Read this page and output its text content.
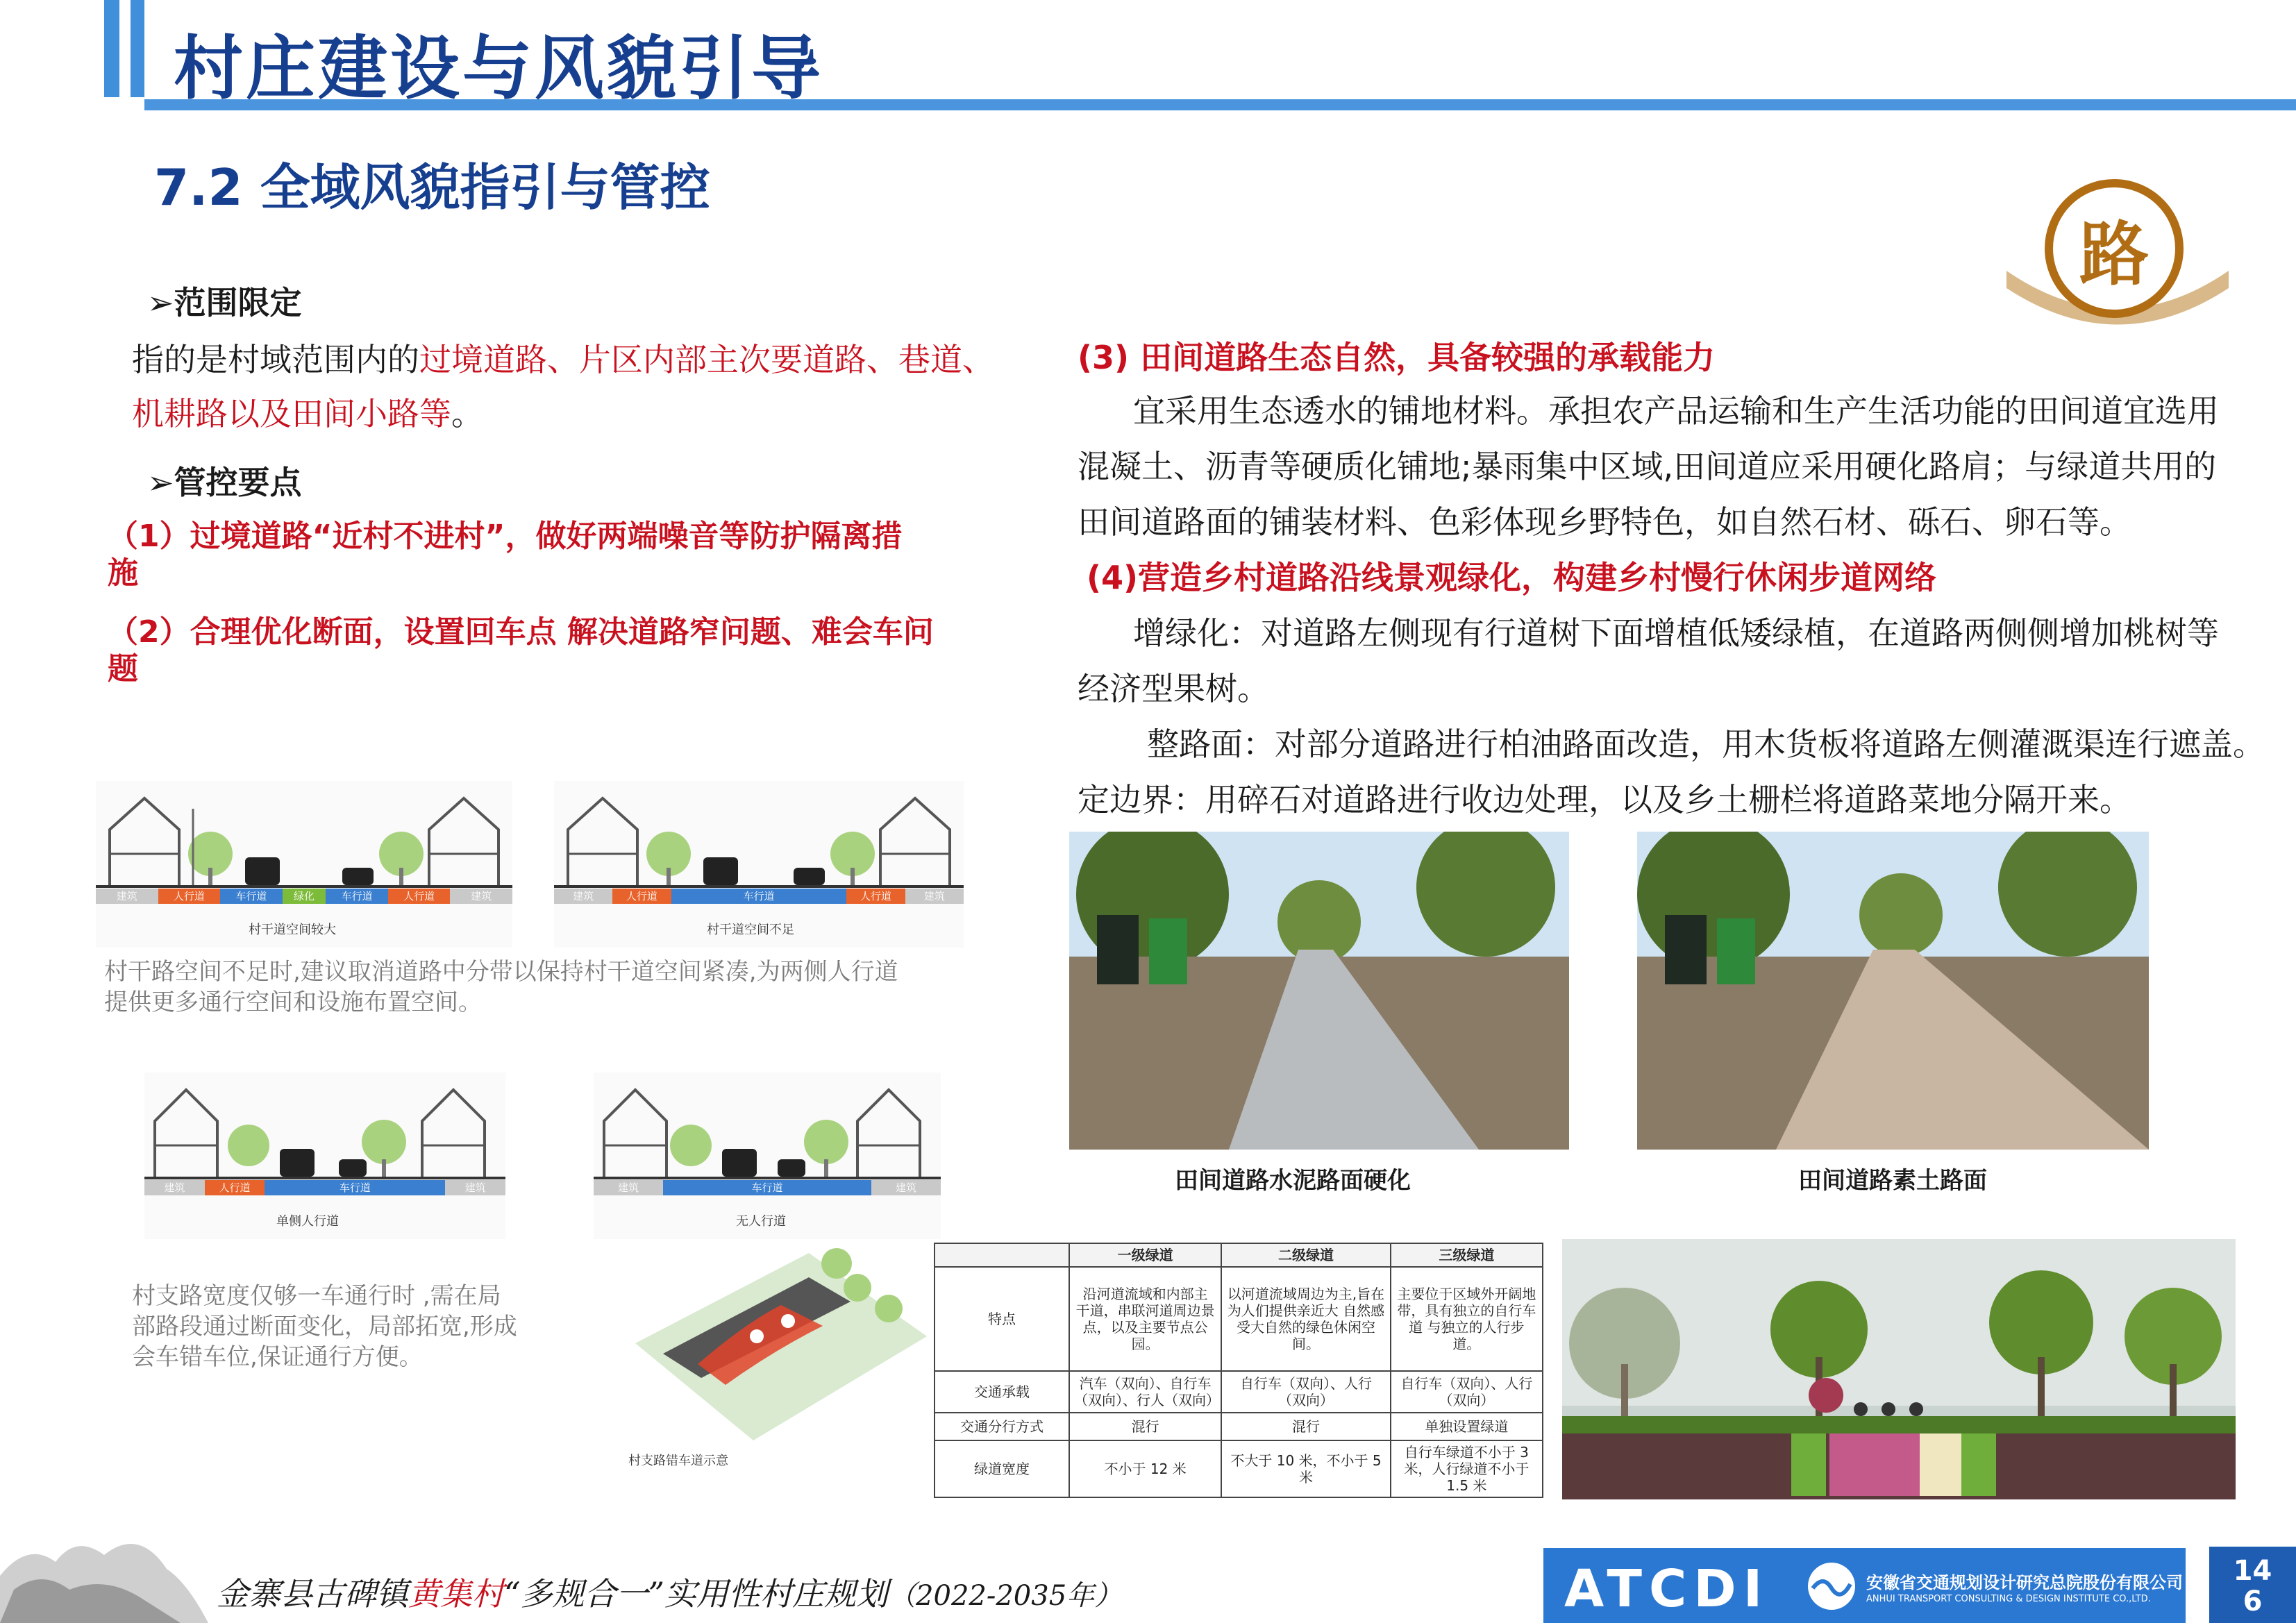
村庄建设与风貌引导
7.2 全域风貌指引与管控
路
➢范围限定
指的是村域范围内的过境道路、片区内部主次要道路、巷道、
机耕路以及田间小路等。
➢管控要点
（1）过境道路“近村不进村”，做好两端噪音等防护隔离措
施
（2）合理优化断面，设置回车点 解决道路窄问题、难会车问
题
建筑	人行道	车行道	绿化	车行道	人行道	建筑
村干道空间较大
建筑	人行道	车行道	人行道	建筑
村干道空间不足
村干路空间不足时,建议取消道路中分带以保持村干道空间紧凑,为两侧人行道
提供更多通行空间和设施布置空间。
建筑	人行道	车行道	建筑
单侧人行道
建筑	车行道	建筑
无人行道
村支路宽度仅够一车通行时 ,需在局
部路段通过断面变化，局部拓宽,形成
会车错车位,保证通行方便。
村支路错车道示意
(3) 田间道路生态自然，具备较强的承载能力
宜采用生态透水的铺地材料。承担农产品运输和生产生活功能的田间道宜选用
混凝土、沥青等硬质化铺地;暴雨集中区域,田间道应采用硬化路肩；与绿道共用的
田间道路面的铺装材料、色彩体现乡野特色，如自然石材、砾石、卵石等。
(4)营造乡村道路沿线景观绿化，构建乡村慢行休闲步道网络
增绿化：对道路左侧现有行道树下面增植低矮绿植，在道路两侧侧增加桃树等
经济型果树。
整路面：对部分道路进行柏油路面改造，用木货板将道路左侧灌溉渠连行遮盖。
定边界：用碎石对道路进行收边处理，以及乡土栅栏将道路菜地分隔开来。
田间道路水泥路面硬化	田间道路素土路面
	一级绿道	二级绿道	三级绿道
特点	沿河道流域和内部主 干道，串联河道周边景点，以及主要节点公园。	以河道流域周边为主,旨在为人们提供亲近大 自然感受大自然的绿色休闲空间。	主要位于区域外开阔地带，具有独立的自行车道 与独立的人行步道。
交通承载	汽车（双向）、自行车（双向）、行人（双向）	自行车（双向）、人行（双向）	自行车（双向）、人行（双向）
交通分行方式	混行	混行	单独设置绿道
绿道宽度	不小于 12 米	不大于 10 米，不小于 5 米	自行车绿道不小于 3 米，人行绿道不小于 1.5 米
金寨县古碑镇黄集村“多规合一”实用性村庄规划（2022-2035年）	ATCDI	安徽省交通规划设计研究总院股份有限公司
ANHUI TRANSPORT CONSULTING & DESIGN INSTITUTE CO.,LTD.
14
6
